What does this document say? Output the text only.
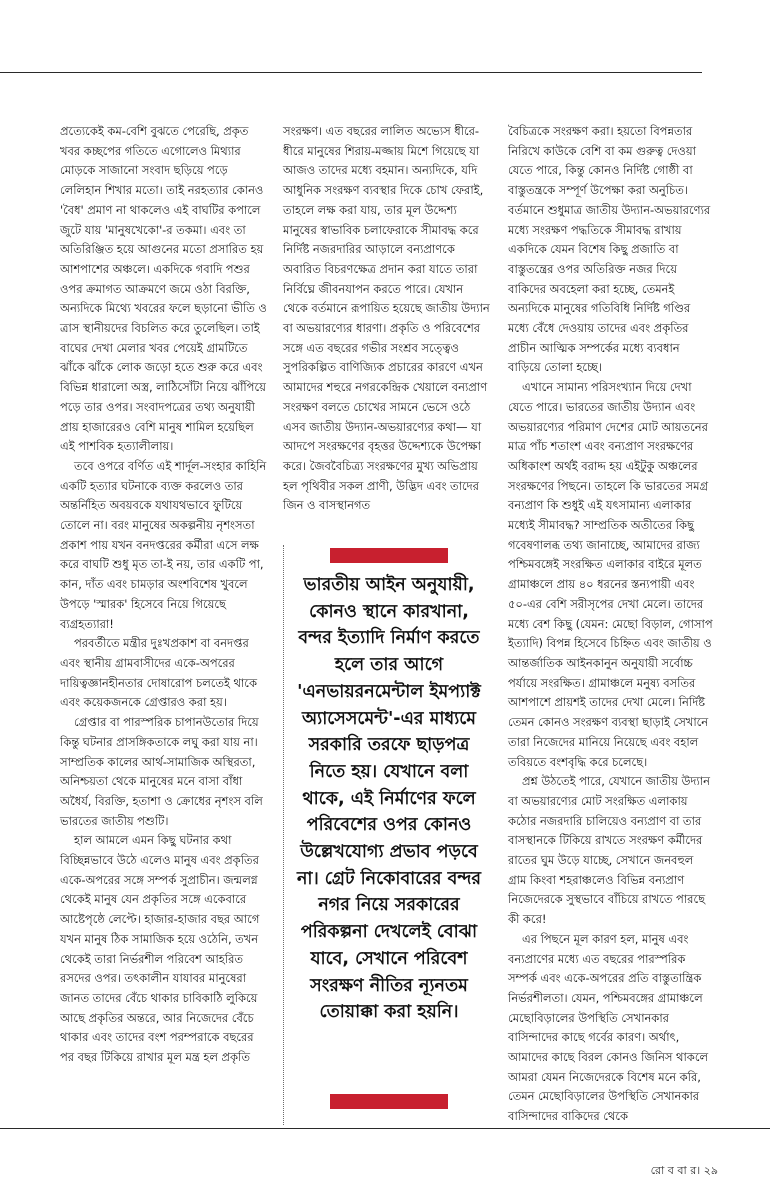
প্রত্যেকেই কম-বেশি বুঝতে পেরেছি, প্রকৃত খবর কচ্ছপের গতিতে এগোলেও মিথ্যার মোড়কে সাজানো সংবাদ ছড়িয়ে পড়ে লেলিহান শিখার মতো। তাই নরহত্যার কোনও 'বৈধ' প্রমাণ না থাকলেও এই বাঘটির কপালে জুটে যায় 'মানুষখেকো'-র তকমা। এবং তা অতিরিঞ্জিত হয়ে আগুনের মতো প্রসারিত হয় আশপাশের অঞ্চলে। একদিকে গবাদি পশুর ওপর ক্রমাগত আক্রমণে জমে ওঠা বিরক্তি, অন্যদিকে মিথ্যে খবরের ফলে ছড়ানো ভীতি ও ত্রাস স্থানীয়দের বিচলিত করে তুলেছিল। তাই বাঘের দেখা মেলার খবর পেয়েই গ্রামটিতে ঝাঁকে ঝাঁকে লোক জড়ো হতে শুরু করে এবং বিভিন্ন ধারালো অস্ত্র, লাঠিসোঁটা নিয়ে ঝাঁপিয়ে পড়ে তার ওপর। সংবাদপত্রের তথ্য অনুযায়ী প্রায় হাজারেরও বেশি মানুষ শামিল হয়েছিল এই পাশবিক হত্যালীলায়।

তবে ওপরে বর্ণিত এই শার্দূল-সংহার কাহিনি একটি হত্যার ঘটনাকে ব্যক্ত করলেও তার অন্তর্নিহিত অবয়বকে যথাযথভাবে ফুটিয়ে তোলে না। বরং মানুষের অকল্পনীয় নৃশংসতা প্রকাশ পায় যখন বনদপ্তরের কর্মীরা এসে লক্ষ করে বাঘটি শুধু মৃত তা-ই নয়, তার একটি পা, কান, দাঁত এবং চামড়ার অংশবিশেষ খুবলে উপড়ে 'স্মারক' হিসেবে নিয়ে গিয়েছে ব্যগ্রহত্যারা!

পরবর্তীতে মন্ত্রীর দুঃখপ্রকাশ বা বনদপ্তর এবং স্থানীয় গ্রামবাসীদের একে-অপরের দায়িত্বজ্ঞানহীনতার দোষারোপ চলতেই থাকে এবং কয়েকজনকে গ্রেপ্তারও করা হয়।

গ্রেপ্তার বা পারস্পরিক চাপানউতোর দিয়ে কিন্তু ঘটনার প্রাসঙ্গিকতাকে লঘু করা যায় না। সাম্প্রতিক কালের আর্থ-সামাজিক অস্থিরতা, অনিশ্চয়তা থেকে মানুষের মনে বাসা বাঁধা অধৈর্য, বিরক্তি, হতাশা ও ক্রোধের নৃশংস বলি ভারতের জাতীয় পশুটি।

হাল আমলে এমন কিছু ঘটনার কথা বিচ্ছিন্নভাবে উঠে এলেও মানুষ এবং প্রকৃতির একে-অপরের সঙ্গে সম্পর্ক সুপ্রাচীন। জন্মলগ্ন থেকেই মানুষ যেন প্রকৃতির সঙ্গে একেবারে আষ্টেপৃষ্ঠে লেপ্টে। হাজার-হাজার বছর আগে যখন মানুষ ঠিক সামাজিক হয়ে ওঠেনি, তখন থেকেই তারা নির্ভরশীল পরিবেশ আহরিত রসদের ওপর। তৎকালীন যাযাবর মানুষেরা জানত তাদের বেঁচে থাকার চাবিকাঠি লুকিয়ে আছে প্রকৃতির অন্তরে, আর নিজেদের বেঁচে থাকার এবং তাদের বংশ পরম্পরাকে বছরের পর বছর টিকিয়ে রাখার মূল মন্ত্র হল প্রকৃতি

সংরক্ষণ। এত বছরের লালিত অভ্যেস ধীরে-ধীরে মানুষের শিরায়-মজ্জায় মিশে গিয়েছে যা আজও তাদের মধ্যে বহমান। অন্যদিকে, যদি আধুনিক সংরক্ষণ ব্যবস্থার দিকে চোখ ফেরাই, তাহলে লক্ষ করা যায়, তার মূল উদ্দেশ্য মানুষের স্বাভাবিক চলাফেরাকে সীমাবদ্ধ করে নির্দিষ্ট নজরদারির আড়ালে বন্যপ্রাণকে অবারিত বিচরণক্ষেত্র প্রদান করা যাতে তারা নির্বিঘ্নে জীবনযাপন করতে পারে। যেখান থেকে বর্তমানে রূপায়িত হয়েছে জাতীয় উদ্যান বা অভয়ারণ্যের ধারণা। প্রকৃতি ও পরিবেশের সঙ্গে এত বছরের গভীর সংশ্রব সত্ত্বেও সুপরিকল্পিত বাণিজ্যিক প্রচারের কারণে এখন আমাদের শহুরে নগরকেন্দ্রিক খেয়ালে বন্যপ্রাণ সংরক্ষণ বলতে চোখের সামনে ভেসে ওঠে এসব জাতীয় উদ্যান-অভয়ারণ্যের কথা— যা আদপে সংরক্ষণের বৃহত্তর উদ্দেশ্যকে উপেক্ষা করে। জৈববৈচিত্র্য সংরক্ষণের মুখ্য অভিপ্রায় হল পৃথিবীর সকল প্রাণী, উদ্ভিদ এবং তাদের জিন ও বাসস্থানগত

ভারতীয় আইন অনুযায়ী, কোনও স্থানে কারখানা, বন্দর ইত্যাদি নির্মাণ করতে হলে তার আগে 'এনভায়রনমেন্টাল ইমপ্যাক্ট অ্যাসেসমেন্ট'-এর মাধ্যমে সরকারি তরফে ছাড়পত্র নিতে হয়। যেখানে বলা থাকে, এই নির্মাণের ফলে পরিবেশের ওপর কোনও উল্লেখযোগ্য প্রভাব পড়বে না। গ্রেট নিকোবারের বন্দর নগর নিয়ে সরকারের পরিকল্পনা দেখলেই বোঝা যাবে, সেখানে পরিবেশ সংরক্ষণ নীতির ন্যূনতম তোয়াক্কা করা হয়নি।

বৈচিত্রকে সংরক্ষণ করা। হয়তো বিপন্নতার নিরিখে কাউকে বেশি বা কম গুরুত্ব দেওয়া যেতে পারে, কিন্তু কোনও নির্দিষ্ট গোষ্ঠী বা বাস্তুতন্ত্রকে সম্পূর্ণ উপেক্ষা করা অনুচিত। বর্তমানে শুধুমাত্র জাতীয় উদ্যান-অভয়ারণ্যের মধ্যে সংরক্ষণ পদ্ধতিকে সীমাবদ্ধ রাখায় একদিকে যেমন বিশেষ কিছু প্রজাতি বা বাস্তুতন্ত্রের ওপর অতিরিক্ত নজর দিয়ে বাকিদের অবহেলা করা হচ্ছে, তেমনই অন্যদিকে মানুষের গতিবিধি নির্দিষ্ট গণ্ডির মধ্যে বেঁধে দেওয়ায় তাদের এবং প্রকৃতির প্রাচীন আত্মিক সম্পর্কের মধ্যে ব্যবধান বাড়িয়ে তোলা হচ্ছে।

এখানে সামান্য পরিসংখ্যান দিয়ে দেখা যেতে পারে। ভারতের জাতীয় উদ্যান এবং অভয়ারণ্যের পরিমাণ দেশের মোট আয়তনের মাত্র পাঁচ শতাংশ এবং বন্যপ্রাণ সংরক্ষণের অধিকাংশ অর্থই বরাদ্দ হয় এইটুকু অঞ্চলের সংরক্ষণের পিছনে। তাহলে কি ভারতের সমগ্র বন্যপ্রাণ কি শুধুই এই যৎসামান্য এলাকার মধ্যেই সীমাবদ্ধ? সাম্প্রতিক অতীতের কিছু গবেষণালব্ধ তথ্য জানাচ্ছে, আমাদের রাজ্য পশ্চিমবঙ্গেই সংরক্ষিত এলাকার বাইরে মূলত গ্রামাঞ্চলে প্রায় ৪০ ধরনের স্তন্যপায়ী এবং ৫০-এর বেশি সরীসৃপের দেখা মেলে। তাদের মধ্যে বেশ কিছু (যেমন: মেছো বিড়াল, গোসাপ ইত্যাদি) বিপন্ন হিসেবে চিহ্নিত এবং জাতীয় ও আন্তর্জাতিক আইনকানুন অনুযায়ী সর্বোচ্চ পর্যায়ে সংরক্ষিত। গ্রামাঞ্চলে মনুষ্য বসতির আশপাশে প্রায়শই তাদের দেখা মেলে। নির্দিষ্ট তেমন কোনও সংরক্ষণ ব্যবস্থা ছাড়াই সেখানে তারা নিজেদের মানিয়ে নিয়েছে এবং বহাল তবিয়তে বংশবৃদ্ধি করে চলেছে।

প্রশ্ন উঠতেই পারে, যেখানে জাতীয় উদ্যান বা অভয়ারণ্যের মোট সংরক্ষিত এলাকায় কঠোর নজরদারি চালিয়েও বন্যপ্রাণ বা তার বাসস্থানকে টিকিয়ে রাখতে সংরক্ষণ কর্মীদের রাতের ঘুম উড়ে যাচ্ছে, সেখানে জনবহুল গ্রাম কিংবা শহরাঞ্চলেও বিভিন্ন বন্যপ্রাণ নিজেদেরকে সুস্থভাবে বাঁচিয়ে রাখতে পারছে কী করে!

এর পিছনে মূল কারণ হল, মানুষ এবং বন্যপ্রাণের মধ্যে এত বছরের পারস্পরিক সম্পর্ক এবং একে-অপরের প্রতি বাস্তুতান্ত্রিক নির্ভরশীলতা। যেমন, পশ্চিমবঙ্গের গ্রামাঞ্চলে মেছোবিড়ালের উপস্থিতি সেখানকার বাসিন্দাদের কাছে গর্বের কারণ। অর্থাৎ, আমাদের কাছে বিরল কোনও জিনিস থাকলে আমরা যেমন নিজেদেরকে বিশেষ মনে করি, তেমন মেছোবিড়ালের উপস্থিতি সেখানকার বাসিন্দাদের বাকিদের থেকে

রো ব বা র। ২৯
